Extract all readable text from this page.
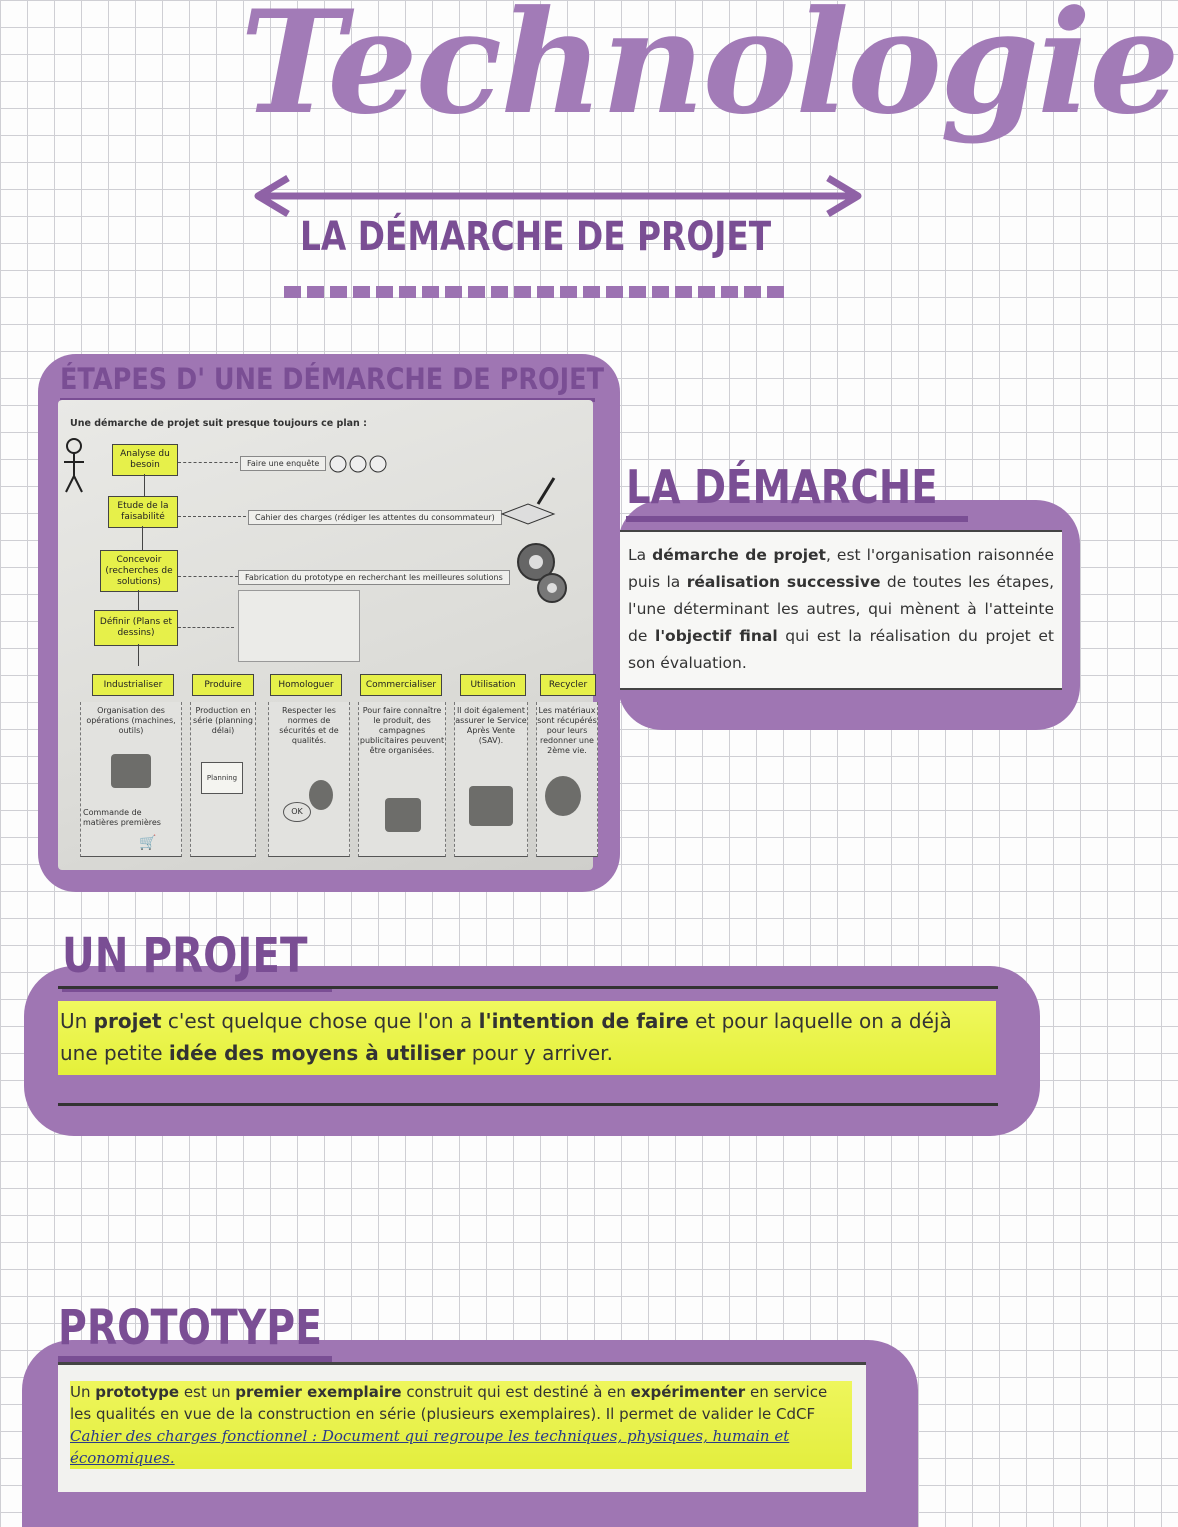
Technologie
LA DÉMARCHE DE PROJET
ÉTAPES D' UNE DÉMARCHE DE PROJET
Une démarche de projet suit presque toujours ce plan :
Analyse du besoin	Faire une enquête
Etude de la faisabilité	Cahier des charges (rédiger les attentes du consommateur)
Concevoir (recherches de solutions)	Fabrication du prototype en recherchant les meilleures solutions
Définir (Plans et dessins)
Industrialiser	Produire	Homologuer	Commercialiser	Utilisation	Recycler
Organisation des opérations (machines, outils)
Commande de matières premières
🛒
Production en série (planning délai)
Planning
Respecter les normes de sécurités et de qualités.
OK
Pour faire connaître le produit, des campagnes publicitaires peuvent être organisées.
Il doit également assurer le Service Après Vente (SAV).
Les matériaux sont récupérés pour leurs redonner une 2ème vie.
LA DÉMARCHE
La démarche de projet, est l'organisation raisonnée puis la réalisation successive de toutes les étapes, l'une déterminant les autres, qui mènent à l'atteinte de l'objectif final qui est la réalisation du projet et son évaluation.
UN PROJET
Un projet c'est quelque chose que l'on a l'intention de faire et pour laquelle on a déjà une petite idée des moyens à utiliser pour y arriver.
PROTOTYPE
Un prototype est un premier exemplaire construit qui est destiné à en expérimenter en service les qualités en vue de la construction en série (plusieurs exemplaires). Il permet de valider le CdCF Cahier des charges fonctionnel : Document qui regroupe les techniques, physiques, humain et économiques.
